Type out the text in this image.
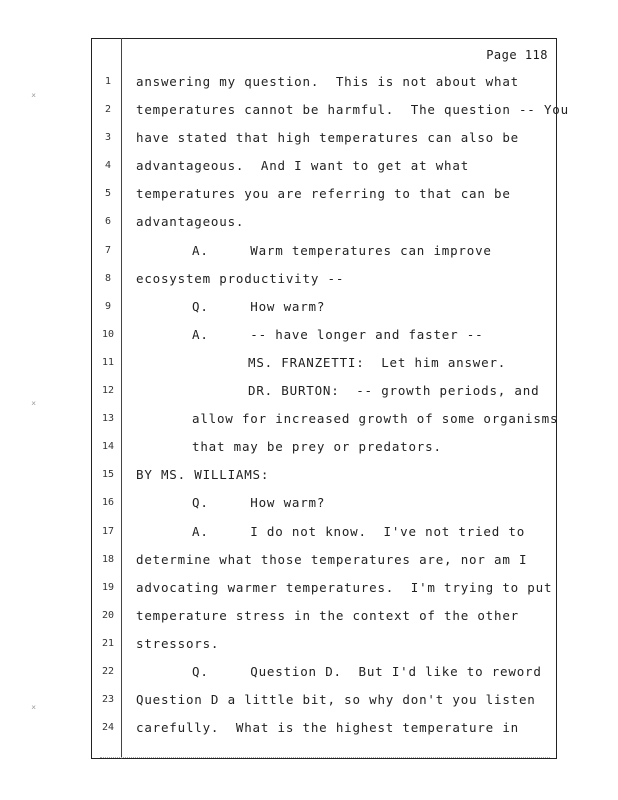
ˣ
ˣ
ˣ
Page 118
1	answering my question.  This is not about what
2	temperatures cannot be harmful.  The question -- You
3	have stated that high temperatures can also be
4	advantageous.  And I want to get at what
5	temperatures you are referring to that can be
6	advantageous.
7	A.     Warm temperatures can improve
8	ecosystem productivity --
9	Q.     How warm?
10	A.     -- have longer and faster --
11	MS. FRANZETTI:  Let him answer.
12	DR. BURTON:  -- growth periods, and
13	allow for increased growth of some organisms
14	that may be prey or predators.
15	BY MS. WILLIAMS:
16	Q.     How warm?
17	A.     I do not know.  I've not tried to
18	determine what those temperatures are, nor am I
19	advocating warmer temperatures.  I'm trying to put
20	temperature stress in the context of the other
21	stressors.
22	Q.     Question D.  But I'd like to reword
23	Question D a little bit, so why don't you listen
24	carefully.  What is the highest temperature in
